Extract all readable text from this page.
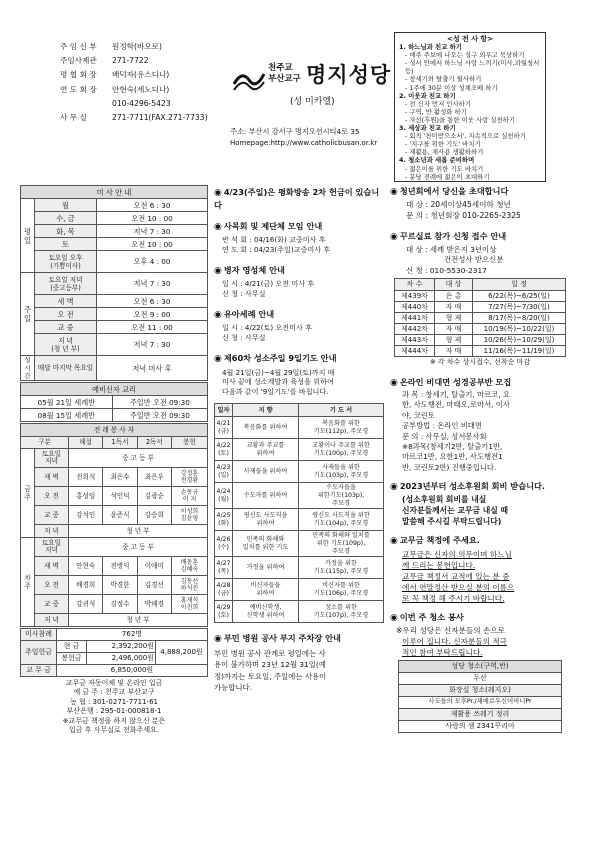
주 임 신 부 원정학(바오로)
주임사제관 271-7722
평 협 회 장 배덕자(유스디나)
연 도 회 장 안현숙(세노디나)
010-4296-5423
사 무 실	271-7711(FAX.271-7733)
천주교
부산교구 명지성당
(성 미카엘)
주소: 부산시 강서구 명지오션시티4로 35
Homepage:http://www.catholicbusan.or.kr
<성 전 사 항>
1. 하느님과 친교 하기
- 매주 주보에 나오는 성구 외우고 묵상하기
- 성서 안에서 하느님 사랑 느끼기(미사,과월청서등)
- 창세기와 탈출기 필사하기
- 1주에 30분 이상 성체조배 하기
2. 이웃과 친교 하기
- 전 신자 먼저 인사하기
- 구역, 반 활성화 하기
- 자선(후원)을 통한 이웃 사랑 실천하기
3. 세상과 친교 하기
- 회칙 '찬미받으소서', 지속적으로 실천하기
- '지구를 위한 기도' 바치기
- 재활용, 재사용 생활하하기
4. 청소년과 새롭 준비하며
- 젊은이를 위한 기도 바치기
- 분당 전례에 젊은이 초대하기
미 사 안 내		
평일	월	오전 6 : 30
	수, 금	오전 10 : 00
	화, 목	저녁 7 : 30
	토	오전 10 : 00
	토요일 오후
(기쁨미사)	오후 4 : 00
주일	토요일 저녁
(중고등부)	저녁 7 : 30
	새 벽	오전 6 : 30
	오 전	오전 9 : 00
	교 중	오전 11 : 00
	저 녁
(청 년 부)	저녁 7 : 30
성시간	매달 마지막 목요일	저녁 미사 후
예비신자 교리	
05월 21일 세례반	주일반 오전 09:30
08월 15일 세례반	주일반 오전 09:30
전 례 봉 사 자					
구분		해설	1독서	2독서	봉헌
금주	토요일
저녁	중 고 등 부			
	새 벽	전희석	최은수	최은우	강정훈
전경환
	오 전	홍성임	석인덕	김광순	손동규
이 지
	교 중	강석인	윤준식	강승희	이성희
김윤영
	저 녁	청 년 부			
차주	토요일
저녁	중 고 등 부			
	새 벽	안현숙	전병익	이애미	배동훈
김혜숙
	오 전	배경희	박경한	김경선	김동선
하석진
	교 중	강귀석	김정수	박해경	홍재석
이진희
	저 녁	청 년 부			
미사참례	762명		
주일헌금	현 금	2,392,200원	4,888,200원
	봉헌금	2,496,000원	
교 무 금	6,850,000원		
교무금 자동이체 및 온라인 입금
예 금 주 : 천주교 부산교구
농 협 : 301-0271-7711-61
부산은행 : 295-01-000818-1
※교무금 책정을 하지 않으신 분은
입금 후 사무실로 전화주세요.
◉ 4/23(주일)은 평화방송 2차 헌금이 있습니다
◉ 사목회 및 제단체 모임 안내
반 석 회 : 04/16(화) 교중미사 후
연 도 회 : 04/23(주일)교중미사 후
◉ 병자 영성체 안내
일 시 : 4/21(금) 오전 미사 후
신 청 : 사무실
◉ 유아세례 안내
일 시 : 4/22(토) 오전미사 후
신 청 : 사무실
◉ 제60차 성소주일 9일기도 안내
4월 21일(금)~4월 29일(토)까지 매
미사 끝에 성소계발과 육성을 위하여
다음과 같이 '9일기도'를 바칩니다.
일자	지 향	기 도 서
4/21
(금)	복음화를 위하여	복음화를 위한
기도(112p), 주모경
4/22
(토)	교황과 주교를
위하여	교황이나 주교를 위한
기도(100p), 주모경
4/23
(일)	사제들을 위하여	사제들을 위한
기도(103p), 주모경
4/24
(월)	수도자를 위하여	수도자들을
위한기도(103p),
주모경
4/25
(화)	평신도 사도직을
위하여	평신도 사도직을 위한
기도(104p), 주모경
4/26
(수)	민족의 화해와
일치를 위한 기도	민족의 화해와 일치를
위한 기도(109p),
주모경
4/27
(목)	가정을 위하여	가정을 위한
기도(115p), 주모경
4/28
(금)	비신자들을
위하여	비신자를 위한
기도(106p), 주모경
4/29
(토)	예비신학생,
신학생 위하여	성소를 위한
기도(107p), 주모경
◉ 부민 병원 공사 부지 주차장 안내
부민 병원 공사 관계로 평일에는 사
용이 불가하며 23년 12월 31일(예
정)까지는 토요일, 주일에는 사용이
가능합니다.
◉ 청년회에서 당신을 초대합니다
대 상 : 20세이상45세이하 청년
문 의 : 청년회장 010-2265-2325
◉ 꾸르실료 참가 신청 접수 안내
대 상 : 세례 받은지 3년이상
건전성사 받으신분
신 청 : 010-5530-2317
차 수	대 상	일 정
제439차	은 총	6/22(목)~6/25(일)
제440차	자 매	7/27(목)~7/30(일)
제441차	형 제	8/17(목)~8/20(일)
제442차	자 매	10/19(목)~10/22(일)
제443차	형 제	10/26(목)~10/29(일)
제444차	자 매	11/16(목)~11/19(일)
※ 각 차수 상시접수, 선착순 마감
◉ 온라인 비대면 성경공부반 모집
과 목 : 창세기, 탈출기, 마르코, 요
한, 사도행전, 마태오,로마서, 이사
야, 코린토
공부방법 : 온라인 비대면
문 의 : 사무실, 성서봉사회
※8과목(창세기2반, 탈출기1반,
마르코1반, 요한1반, 사도행전1
반, 코린토2반) 진행중입니다.
◉ 2023년부터 성소후원회 회비 받습니다.
(성소후원회 회비를 내실
신자분들께서는 교무금 내실 때
말씀해 주시길 부탁드립니다)
◉ 교무금 책정에 주세요.
교무금은 신자의 의무이며 하느님
께 드리는 봉헌입니다.
교무금 책정서 교적에 있는 분 중
에서 연말정산 받으실 분의 이름으
로 꼭 책정 해 주시기 바랍니다.
◉ 이번 주 청소 봉사
※우리 성당은 신자분들의 손으로
이루어 집니다. 신자분들의 적극
적인 참여 부탁드립니다.
성당 청소(구역,반)
두산
화장실 청소(레지오)
사도들의 모후Pr./재애로우신어머니Pr
재활용 쓰레기 정리
사랑의 샘 2341꾸리아
